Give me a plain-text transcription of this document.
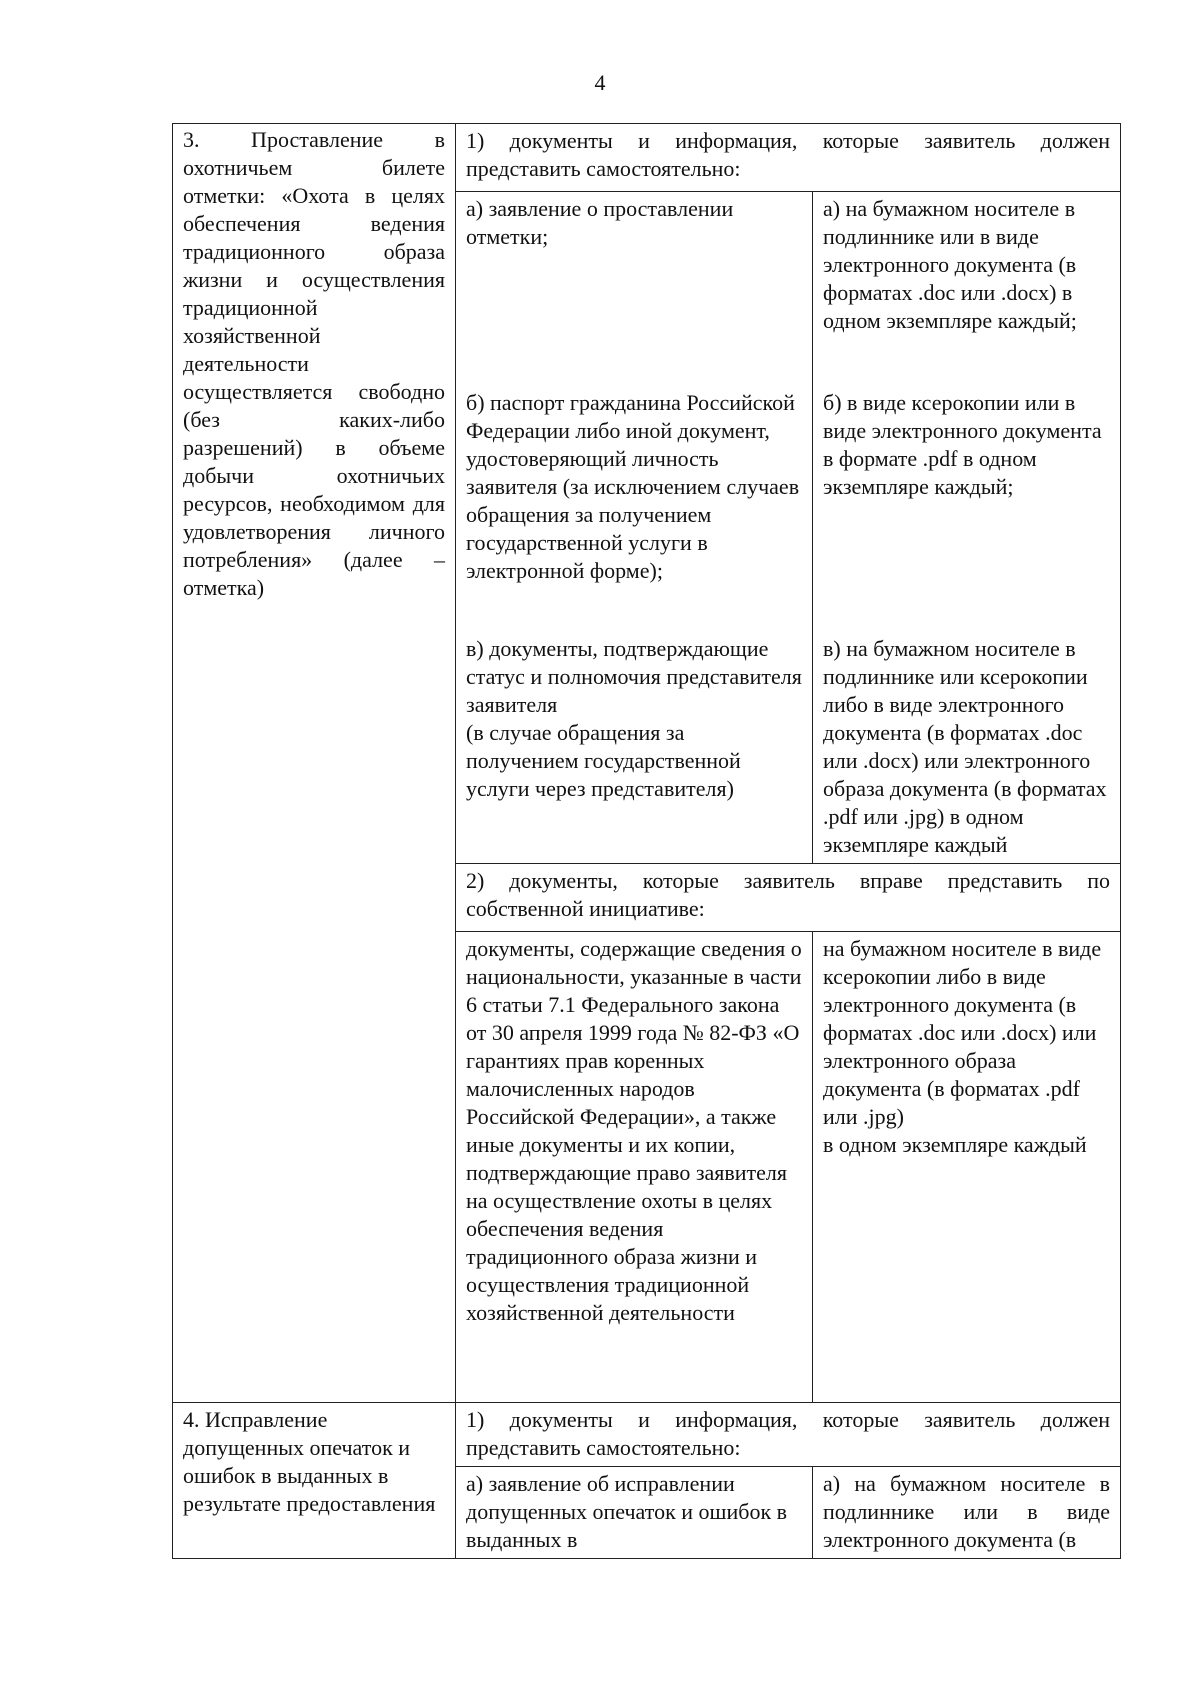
4
3. Проставление в охотничьем билете отметки: «Охота в целях обеспечения ведения традиционного образа жизни и осуществления традиционной хозяйственной деятельности осуществляется свободно (без каких-либо разрешений) в объеме добычи охотничьих ресурсов, необходимом для удовлетворения личного потребления» (далее – отметка)	1) документы и информация, которые заявитель должен представить самостоятельно:	

	а) заявление о проставлении отметки;	а) на бумажном носителе в подлиннике или в виде электронного документа (в форматах .doc или .docx) в одном экземпляре каждый;

	б) паспорт гражданина Российской Федерации либо иной документ, удостоверяющий личность заявителя (за исключением случаев обращения за получением государственной услуги в электронной форме);	б) в виде ксерокопии или в виде электронного документа в формате .pdf в одном экземпляре каждый;

	в) документы, подтверждающие статус и полномочия представителя заявителя
(в случае обращения за получением государственной услуги через представителя)	в) на бумажном носителе в подлиннике или ксерокопии либо в виде электронного документа (в форматах .doc или .docx) или электронного образа документа (в форматах .pdf или .jpg) в одном экземпляре каждый

	2) документы, которые заявитель вправе представить по собственной инициативе:	

	документы, содержащие сведения о национальности, указанные в части 6 статьи 7.1 Федерального закона от 30 апреля 1999 года № 82-ФЗ «О гарантиях прав коренных малочисленных народов Российской Федерации», а также иные документы и их копии, подтверждающие право заявителя на осуществление охоты в целях обеспечения ведения традиционного образа жизни и осуществления традиционной хозяйственной деятельности	на бумажном носителе в виде ксерокопии либо в виде электронного документа (в форматах .doc или .docx) или электронного образа документа (в форматах .pdf или .jpg)
в одном экземпляре каждый

4. Исправление допущенных опечаток и ошибок в выданных в результате предоставления	1) документы и информация, которые заявитель должен представить самостоятельно:	

	а) заявление об исправлении допущенных опечаток и ошибок в выданных в	а) на бумажном носителе в подлиннике или в виде электронного документа (в
